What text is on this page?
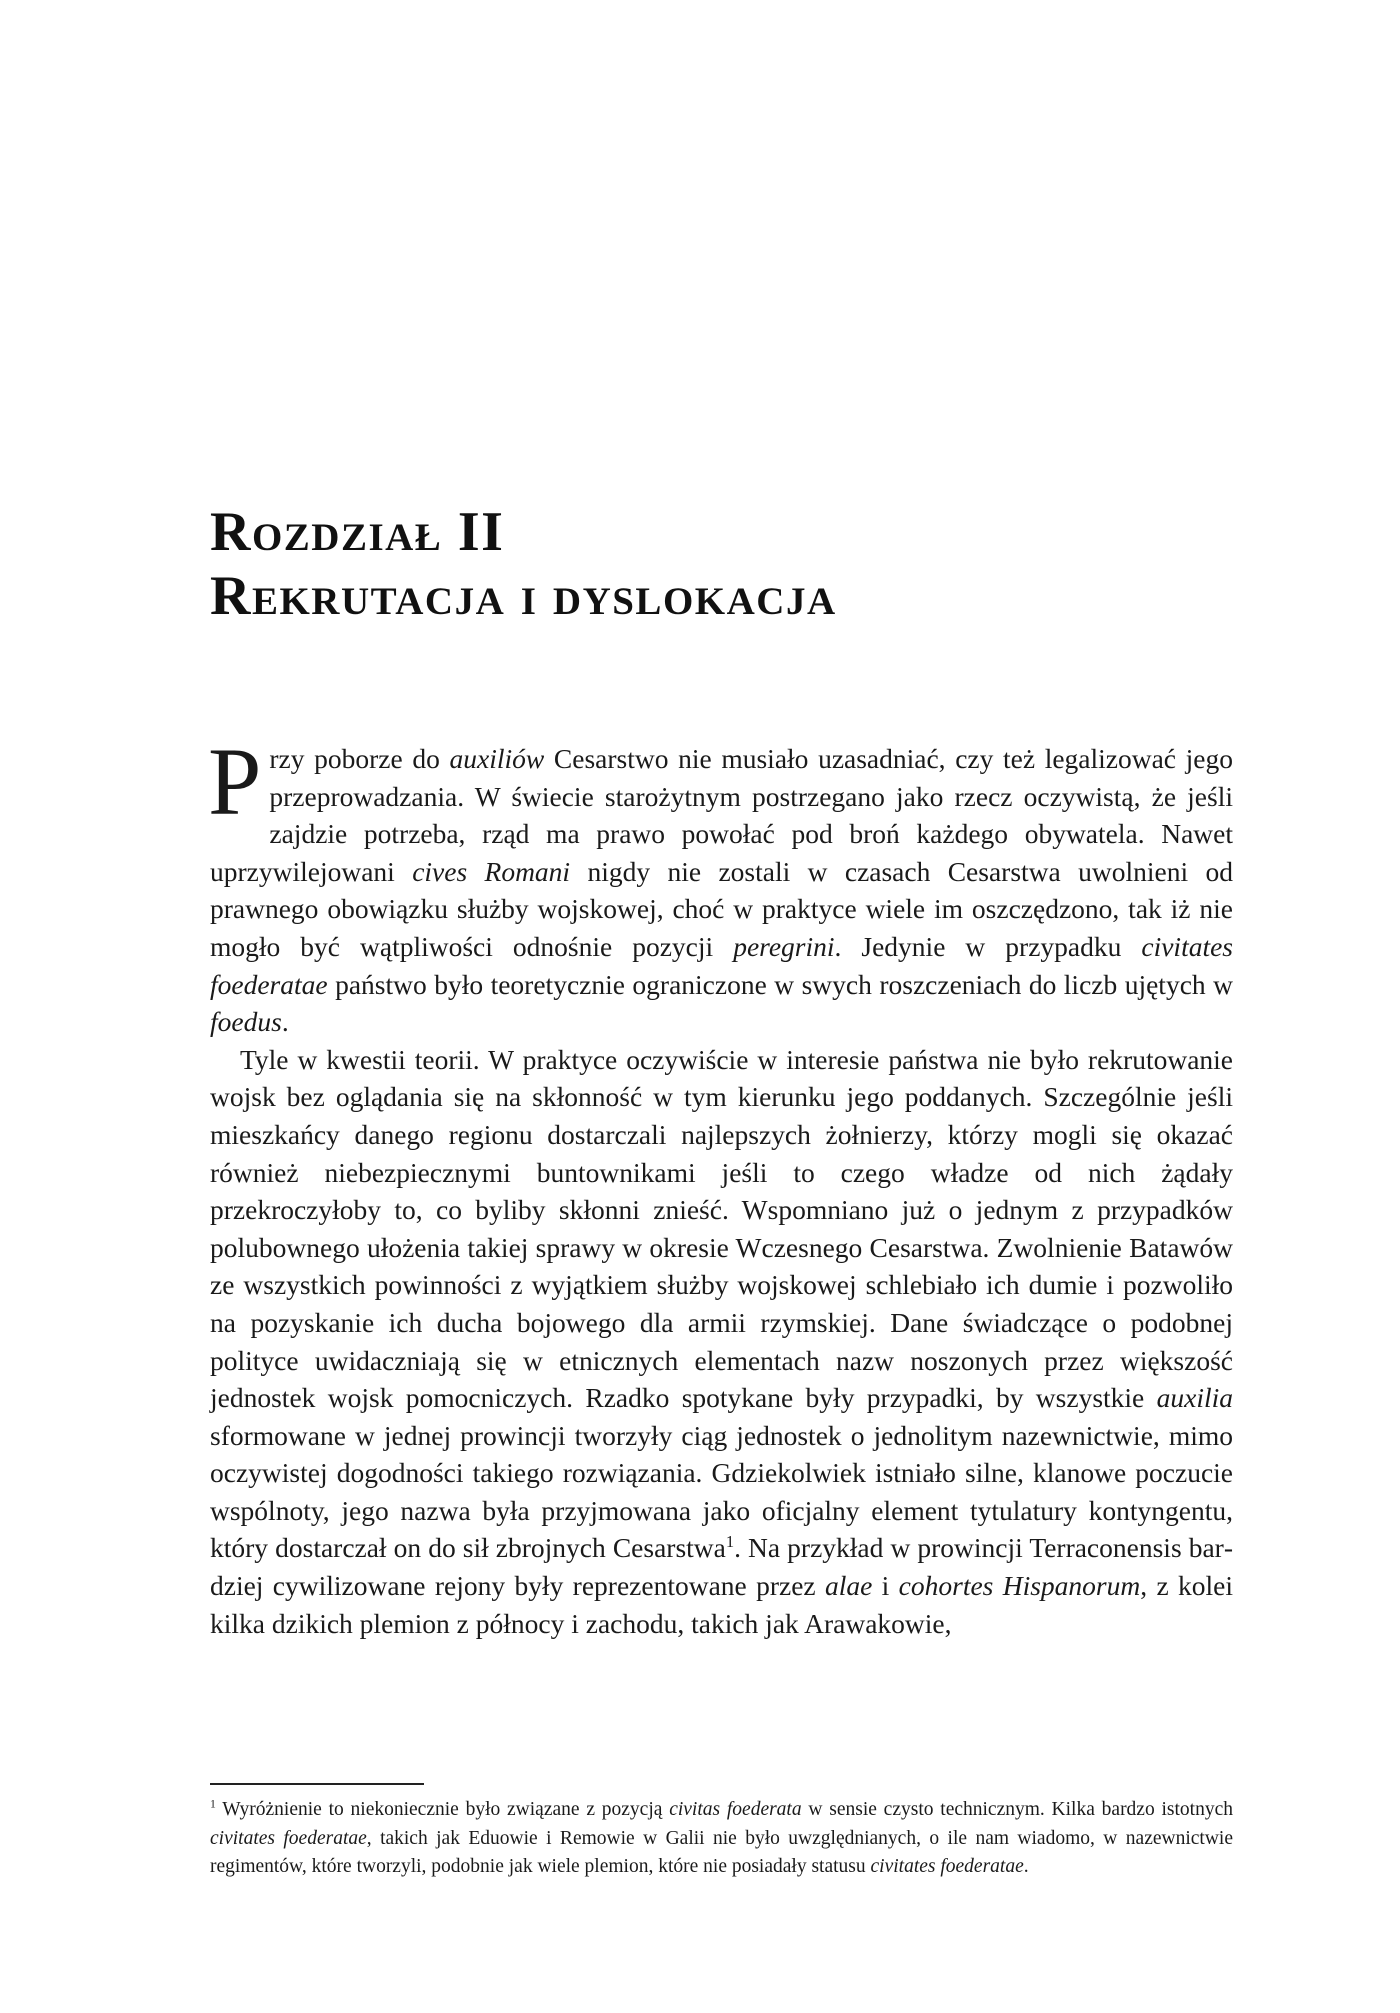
Rozdział II
Rekrutacja i dyslokacja

Przy poborze do auxiliów Cesarstwo nie musiało uzasadniać, czy też legalizować jego przeprowadzania. W świecie starożytnym postrzegano jako rzecz oczywistą, że jeśli zajdzie potrzeba, rząd ma prawo powołać pod broń każdego obywatela. Nawet uprzywilejowani cives Romani nigdy nie zostali w czasach Cesarstwa uwolnieni od prawnego obowiązku służby wojskowej, choć w praktyce wiele im oszczędzono, tak iż nie mogło być wątpliwości odnośnie pozycji peregrini. Jedynie w przypadku civitates foederatae państwo było teoretycznie ograniczone w swych roszczeniach do liczb ujętych w foedus.

Tyle w kwestii teorii. W praktyce oczywiście w interesie państwa nie było rekrutowanie wojsk bez oglądania się na skłonność w tym kierunku jego poddanych. Szczególnie jeśli mieszkańcy danego regionu dostarczali najlepszych żołnierzy, którzy mogli się okazać również niebezpiecznymi buntownikami jeśli to czego władze od nich żądały przekroczyłoby to, co byliby skłonni znieść. Wspomniano już o jednym z przypadków polubownego ułożenia takiej sprawy w okresie Wczesnego Cesarstwa. Zwolnienie Batawów ze wszystkich powinności z wyjątkiem służby wojskowej schlebiało ich dumie i pozwoliło na pozyskanie ich ducha bojowego dla armii rzymskiej. Dane świadczące o podobnej polityce uwidaczniają się w etnicznych elementach nazw noszonych przez większość jednostek wojsk pomocniczych. Rzadko spotykane były przypadki, by wszystkie auxilia sformowane w jednej prowincji tworzyły ciąg jednostek o jednolitym nazewnictwie, mimo oczywistej dogodności takiego rozwiązania. Gdziekolwiek istniało silne, klanowe poczucie wspólnoty, jego nazwa była przyjmowana jako oficjalny element tytulatury kontyngentu, który dostarczał on do sił zbrojnych Cesarstwa$^1$. Na przykład w prowincji Terraconensis bardziej cywilizowane rejony były reprezentowane przez alae i cohortes Hispanorum, z kolei kilka dzikich plemion z północy i zachodu, takich jak Arawakowie,

$^1$ Wyróżnienie to niekoniecznie było związane z pozycją civitas foederata w sensie czysto technicznym. Kilka bardzo istotnych civitates foederatae, takich jak Eduowie i Remowie w Galii nie było uwzględnianych, o ile nam wiadomo, w nazewnictwie regimentów, które tworzyli, podobnie jak wiele plemion, które nie posiadały statusu civitates foederatae.
